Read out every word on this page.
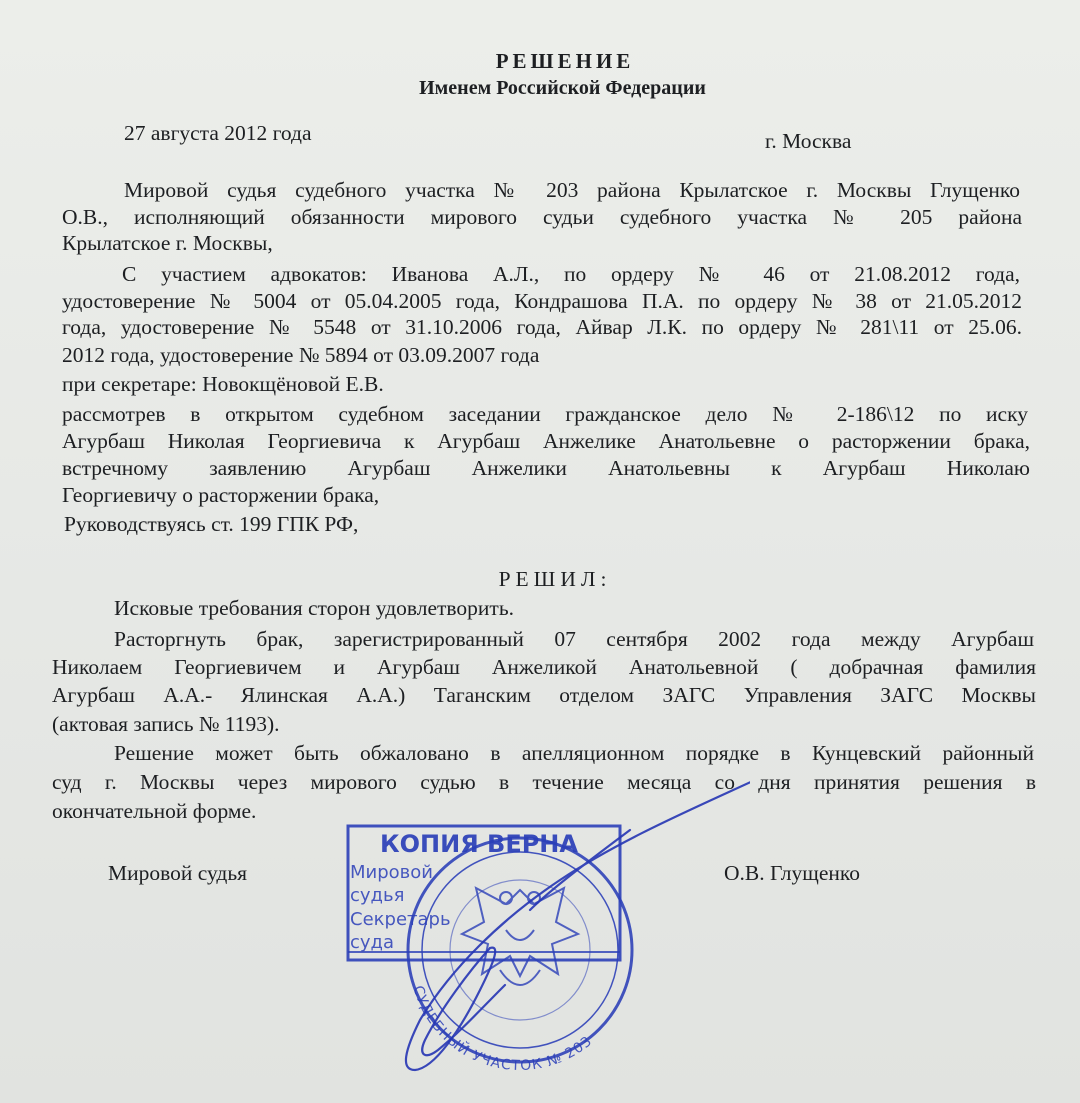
РЕШЕНИЕ
Именем Российской Федерации
27 августа 2012 года	г. Москва
Мировой судья судебного участка № 203 района Крылатское г. Москвы Глущенко
О.В., исполняющий обязанности мирового судьи судебного участка № 205 района
Крылатское г. Москвы,
С участием адвокатов: Иванова А.Л., по ордеру № 46 от 21.08.2012 года,
удостоверение № 5004 от 05.04.2005 года, Кондрашова П.А. по ордеру № 38 от 21.05.2012
года, удостоверение № 5548 от 31.10.2006 года, Айвар Л.К. по ордеру № 281\11 от 25.06.
2012 года, удостоверение № 5894 от 03.09.2007 года
при секретаре: Новокщёновой Е.В.
рассмотрев в открытом судебном заседании гражданское дело № 2-186\12 по иску
Агурбаш Николая Георгиевича к Агурбаш Анжелике Анатольевне о расторжении брака,
встречному заявлению Агурбаш Анжелики Анатольевны к Агурбаш Николаю
Георгиевичу о расторжении брака,
Руководствуясь ст. 199 ГПК РФ,
РЕШИЛ:
Исковые требования сторон удовлетворить.
Расторгнуть брак, зарегистрированный 07 сентября 2002 года между Агурбаш
Николаем Георгиевичем и Агурбаш Анжеликой Анатольевной ( добрачная фамилия
Агурбаш А.А.- Ялинская А.А.) Таганским отделом ЗАГС Управления ЗАГС Москвы
(актовая запись № 1193).
Решение может быть обжаловано в апелляционном порядке в Кунцевский районный
суд г. Москвы через мирового судью в течение месяца со дня принятия решения в
окончательной форме.
Мировой судья	О.В. Глущенко
СУДЕБНЫЙ УЧАСТОК № 203
КОПИЯ ВЕРНА
Мировой
судья
Секретарь
суда
